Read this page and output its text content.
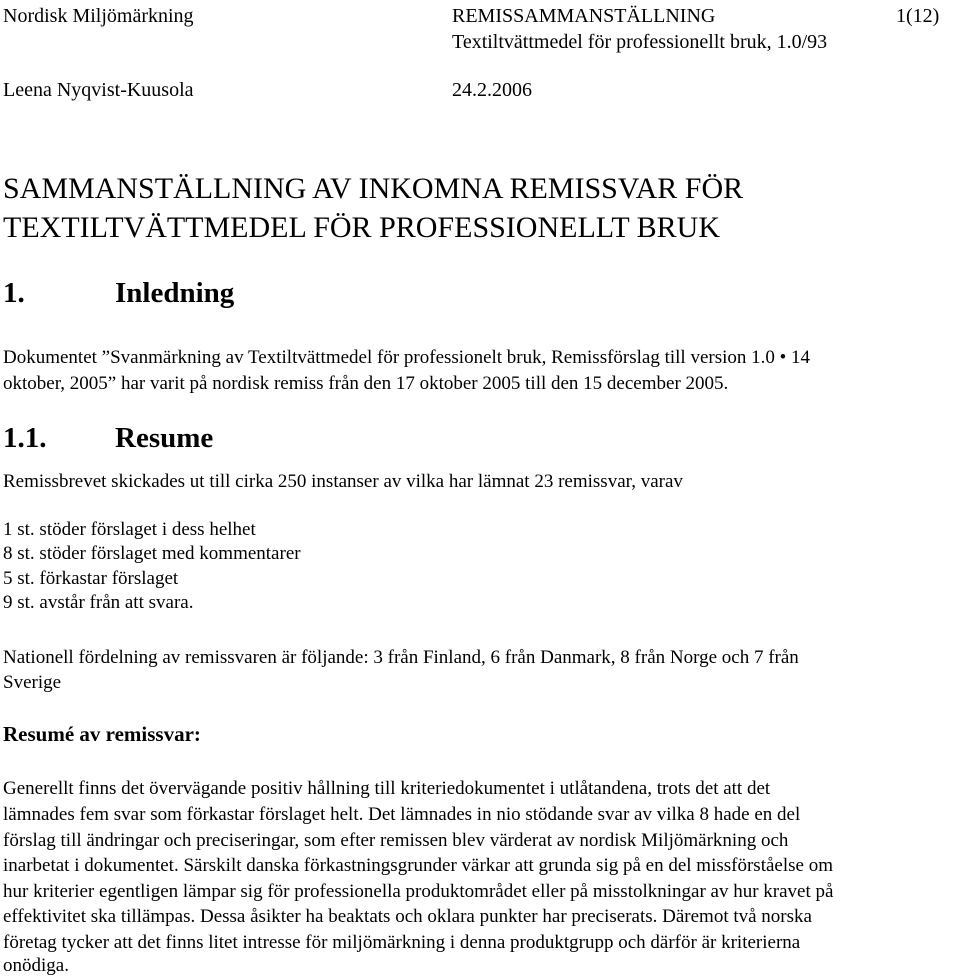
Nordisk Miljömärkning	REMISSAMMANSTÄLLNING	1(12)
Textiltvättmedel för professionellt bruk, 1.0/93
Leena Nyqvist-Kuusola	24.2.2006
SAMMANSTÄLLNING AV INKOMNA REMISSVAR FÖR
TEXTILTVÄTTMEDEL FÖR PROFESSIONELLT BRUK
1.	Inledning
Dokumentet ”Svanmärkning av Textiltvättmedel för professionelt bruk, Remissförslag till version 1.0 • 14
oktober, 2005” har varit på nordisk remiss från den 17 oktober 2005 till den 15 december 2005.
1.1. Resume
Remissbrevet skickades ut till cirka 250 instanser av vilka har lämnat 23 remissvar, varav
1 st. stöder förslaget i dess helhet
8 st. stöder förslaget med kommentarer
5 st. förkastar förslaget
9 st. avstår från att svara.
Nationell fördelning av remissvaren är följande: 3 från Finland, 6 från Danmark, 8 från Norge och 7 från
Sverige
Resumé av remissvar:
Generellt finns det övervägande positiv hållning till kriteriedokumentet i utlåtandena, trots det att det
lämnades fem svar som förkastar förslaget helt. Det lämnades in nio stödande svar av vilka 8 hade en del
förslag till ändringar och preciseringar, som efter remissen blev värderat av nordisk Miljömärkning och
inarbetat i dokumentet. Särskilt danska förkastningsgrunder värkar att grunda sig på en del missförståelse om
hur kriterier egentligen lämpar sig för professionella produktområdet eller på misstolkningar av hur kravet på
effektivitet ska tillämpas. Dessa åsikter ha beaktats och oklara punkter har preciserats. Däremot två norska
företag tycker att det finns litet intresse för miljömärkning i denna produktgrupp och därför är kriterierna
onödiga.
